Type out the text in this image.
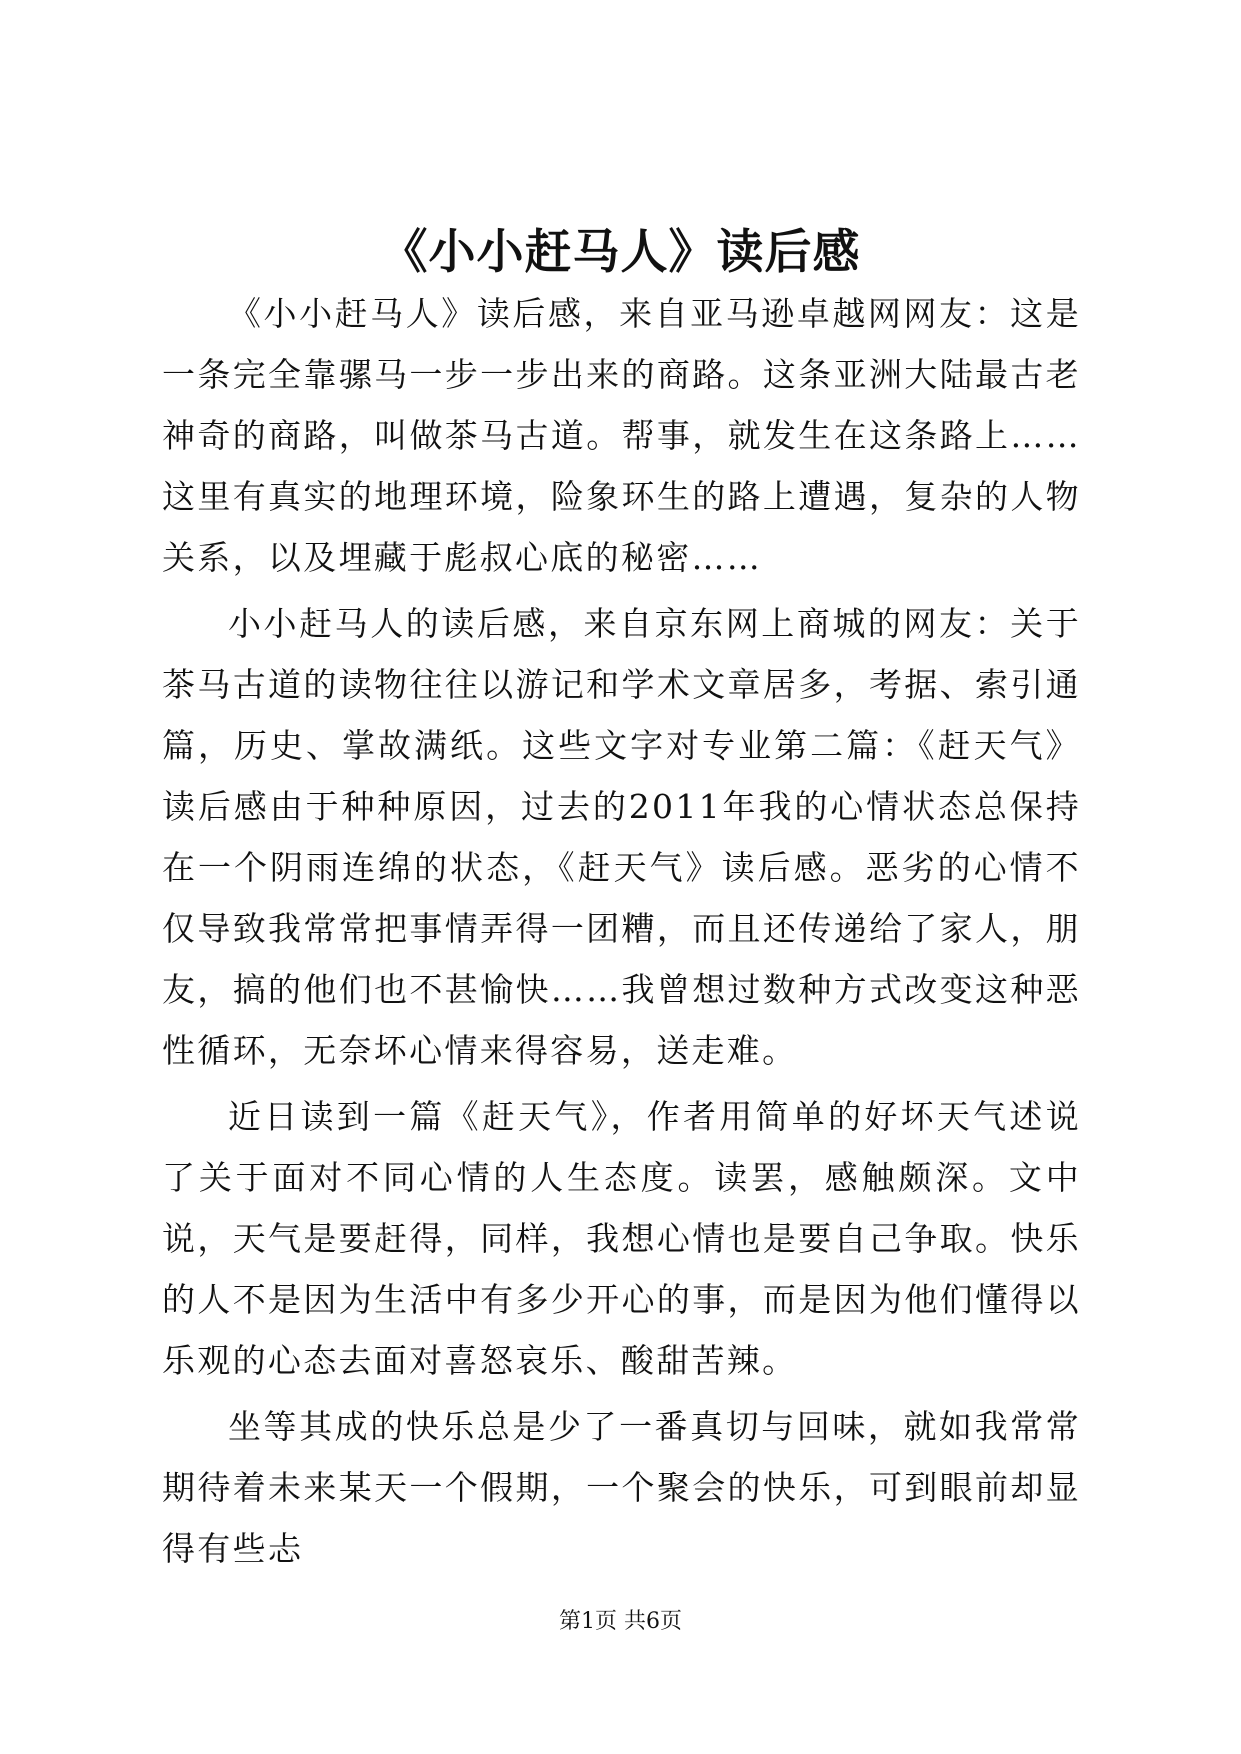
《小小赶马人》读后感

《小小赶马人》读后感，来自亚马逊卓越网网友：这是一条完全靠骡马一步一步出来的商路。这条亚洲大陆最古老神奇的商路，叫做茶马古道。帮事，就发生在这条路上……这里有真实的地理环境，险象环生的路上遭遇，复杂的人物关系，以及埋藏于彪叔心底的秘密……

小小赶马人的读后感，来自京东网上商城的网友：关于茶马古道的读物往往以游记和学术文章居多，考据、索引通篇，历史、掌故满纸。这些文字对专业第二篇：《赶天气》读后感由于种种原因，过去的2011年我的心情状态总保持在一个阴雨连绵的状态，《赶天气》读后感。恶劣的心情不仅导致我常常把事情弄得一团糟，而且还传递给了家人，朋友，搞的他们也不甚愉快……我曾想过数种方式改变这种恶性循环，无奈坏心情来得容易，送走难。

近日读到一篇《赶天气》，作者用简单的好坏天气述说了关于面对不同心情的人生态度。读罢，感触颇深。文中说，天气是要赶得，同样，我想心情也是要自己争取。快乐的人不是因为生活中有多少开心的事，而是因为他们懂得以乐观的心态去面对喜怒哀乐、酸甜苦辣。

坐等其成的快乐总是少了一番真切与回味，就如我常常期待着未来某天一个假期，一个聚会的快乐，可到眼前却显得有些忐

第1页 共6页
